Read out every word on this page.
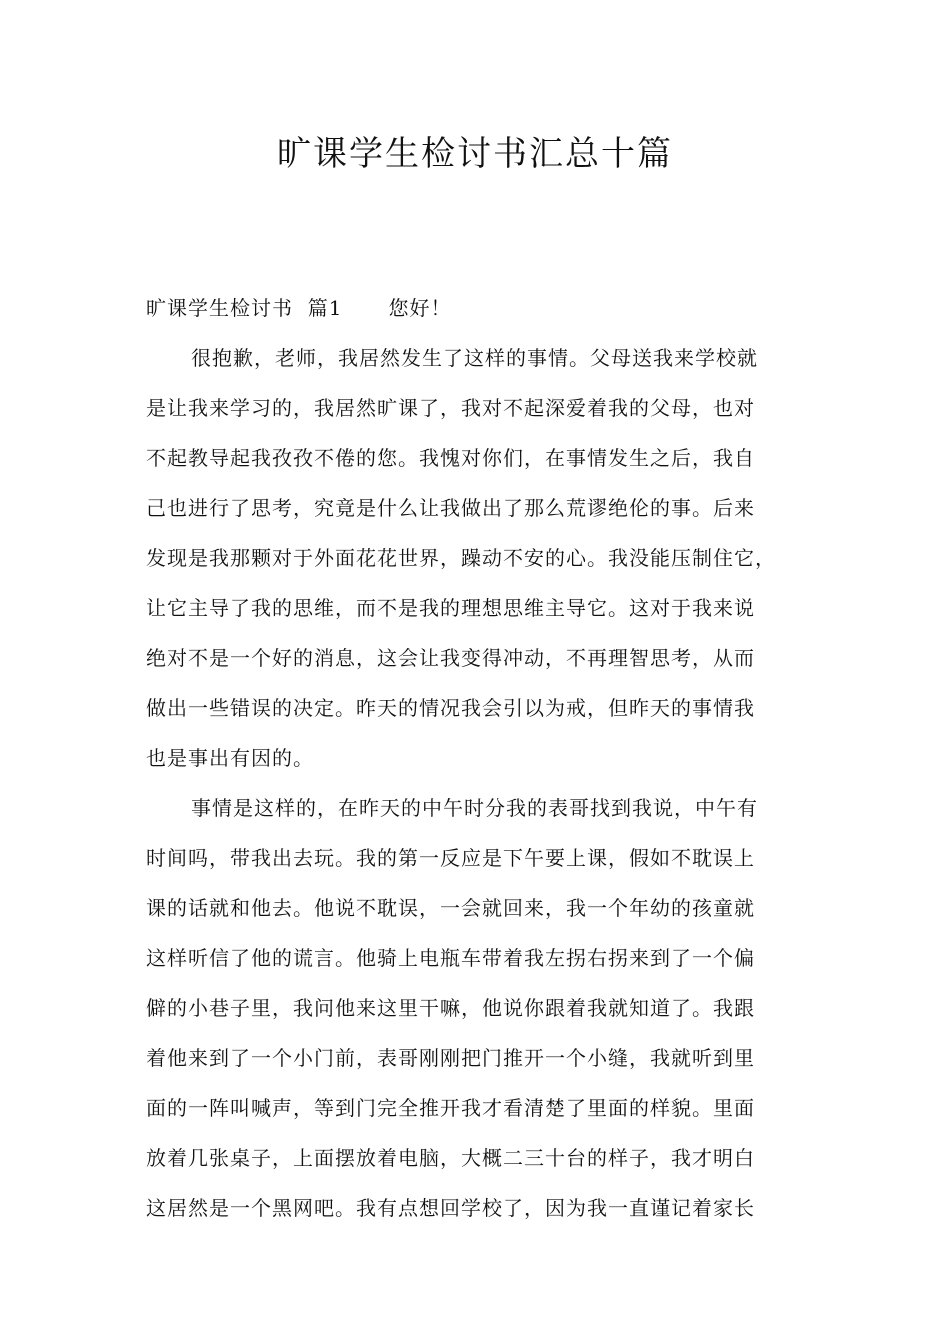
旷课学生检讨书汇总十篇
旷课学生检讨书  篇1 您好！
很抱歉，老师，我居然发生了这样的事情。父母送我来学校就
是让我来学习的，我居然旷课了，我对不起深爱着我的父母，也对
不起教导起我孜孜不倦的您。我愧对你们，在事情发生之后，我自
己也进行了思考，究竟是什么让我做出了那么荒谬绝伦的事。后来
发现是我那颗对于外面花花世界，躁动不安的心。我没能压制住它，
让它主导了我的思维，而不是我的理想思维主导它。这对于我来说
绝对不是一个好的消息，这会让我变得冲动，不再理智思考，从而
做出一些错误的决定。昨天的情况我会引以为戒，但昨天的事情我
也是事出有因的。
事情是这样的，在昨天的中午时分我的表哥找到我说，中午有
时间吗，带我出去玩。我的第一反应是下午要上课，假如不耽误上
课的话就和他去。他说不耽误，一会就回来，我一个年幼的孩童就
这样听信了他的谎言。他骑上电瓶车带着我左拐右拐来到了一个偏
僻的小巷子里，我问他来这里干嘛，他说你跟着我就知道了。我跟
着他来到了一个小门前，表哥刚刚把门推开一个小缝，我就听到里
面的一阵叫喊声，等到门完全推开我才看清楚了里面的样貌。里面
放着几张桌子，上面摆放着电脑，大概二三十台的样子，我才明白
这居然是一个黑网吧。我有点想回学校了，因为我一直谨记着家长
